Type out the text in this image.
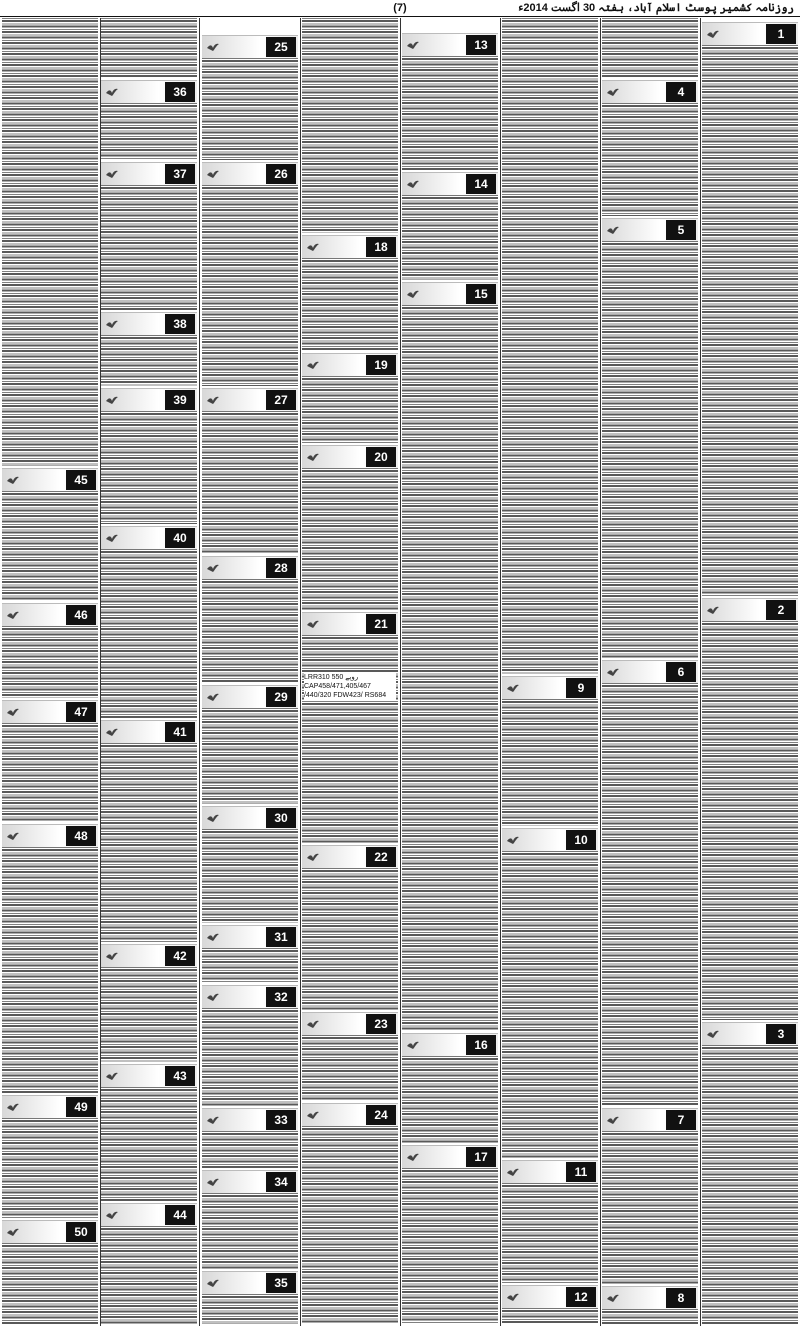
(7)	روزنامہ کشمیر پوسٹ اسلام آباد، ہفتہ 30 اگست 2014ء
1
2
3
4
5
6
7
8
9
10
11
12
13
14
15
16
17
18
19
20
21
22
23
24
LRR310 550 روپے
CAP458/471,405/467 /440/320 FDW423/ RS684
25
26
27
28
29
30
31
32
33
34
35
36
37
38
39
40
41
42
43
44
45
46
47
48
49
50
